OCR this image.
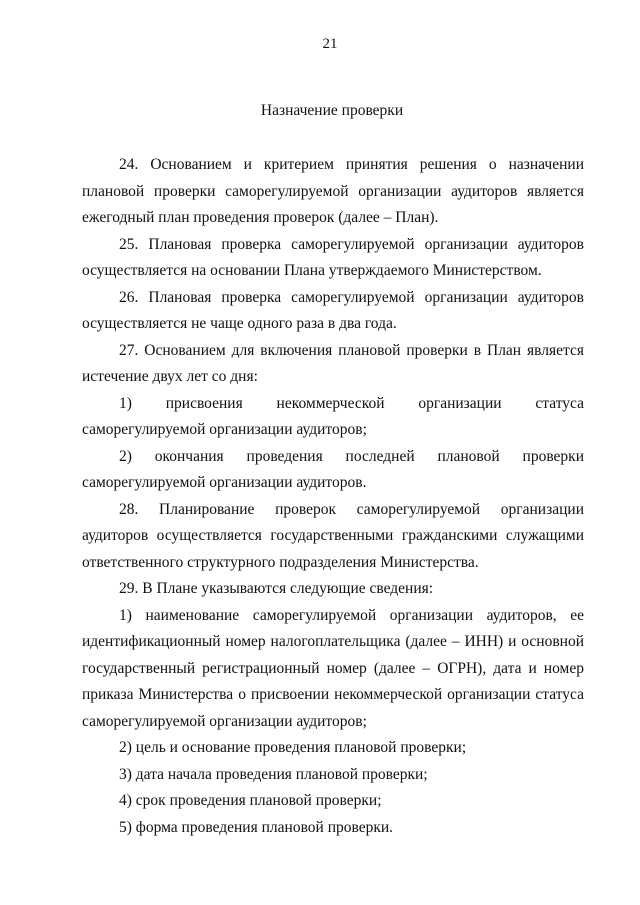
21
Назначение проверки

24. Основанием и критерием принятия решения о назначении плановой проверки саморегулируемой организации аудиторов является ежегодный план проведения проверок (далее – План).

25. Плановая проверка саморегулируемой организации аудиторов осуществляется на основании Плана утверждаемого Министерством.

26. Плановая проверка саморегулируемой организации аудиторов осуществляется не чаще одного раза в два года.

27. Основанием для включения плановой проверки в План является истечение двух лет со дня:

1) присвоения некоммерческой организации статуса саморегулируемой организации аудиторов;

2) окончания проведения последней плановой проверки саморегулируемой организации аудиторов.

28. Планирование проверок саморегулируемой организации аудиторов осуществляется государственными гражданскими служащими ответственного структурного подразделения Министерства.

29. В Плане указываются следующие сведения:

1) наименование саморегулируемой организации аудиторов, ее идентификационный номер налогоплательщика (далее – ИНН) и основной государственный регистрационный номер (далее – ОГРН), дата и номер приказа Министерства о присвоении некоммерческой организации статуса саморегулируемой организации аудиторов;

2) цель и основание проведения плановой проверки;

3) дата начала проведения плановой проверки;

4) срок проведения плановой проверки;

5) форма проведения плановой проверки.
